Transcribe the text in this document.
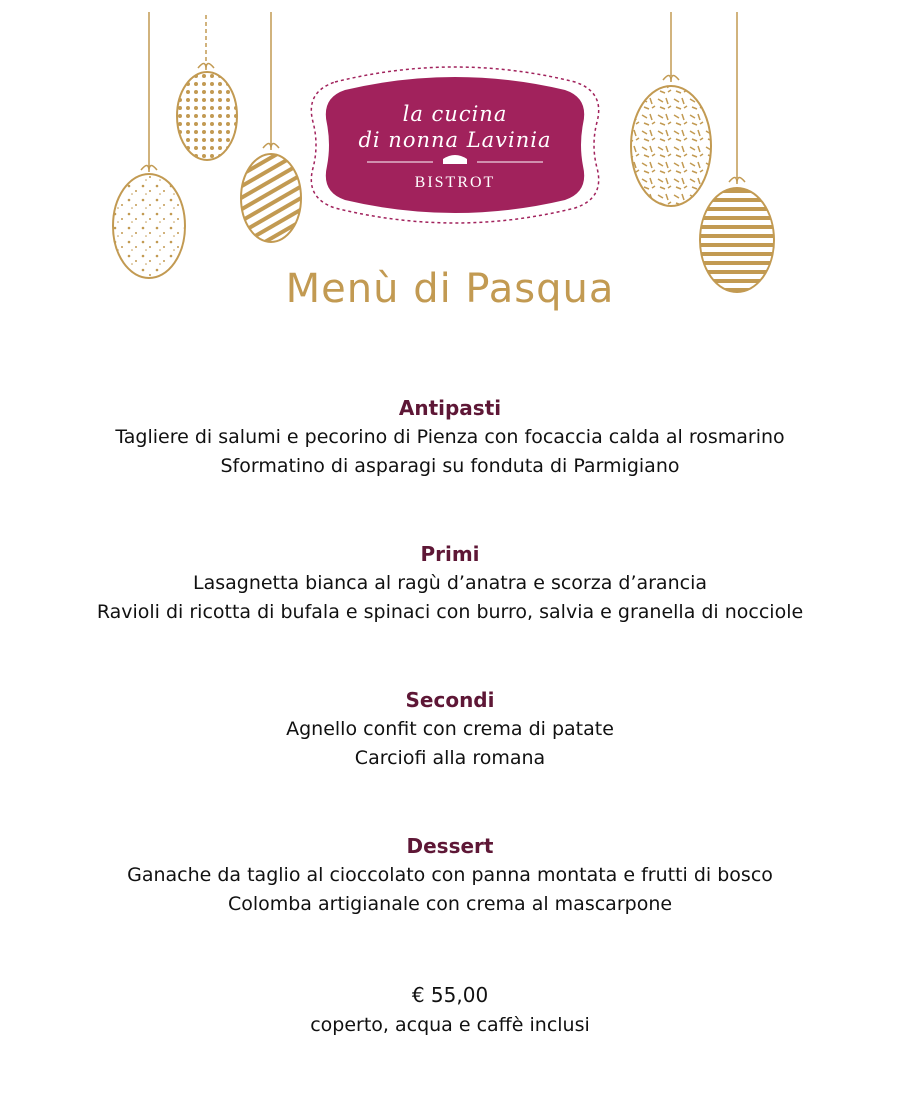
la cucina
di nonna Lavinia
BISTROT
Menù di Pasqua

Antipasti

Tagliere di salumi e pecorino di Pienza con focaccia calda al rosmarino

Sformatino di asparagi su fonduta di Parmigiano

Primi

Lasagnetta bianca al ragù d’anatra e scorza d’arancia

Ravioli di ricotta di bufala e spinaci con burro, salvia e granella di nocciole

Secondi

Agnello confit con crema di patate

Carciofi alla romana

Dessert

Ganache da taglio al cioccolato con panna montata e frutti di bosco

Colomba artigianale con crema al mascarpone

€ 55,00
coperto, acqua e caffè inclusi
